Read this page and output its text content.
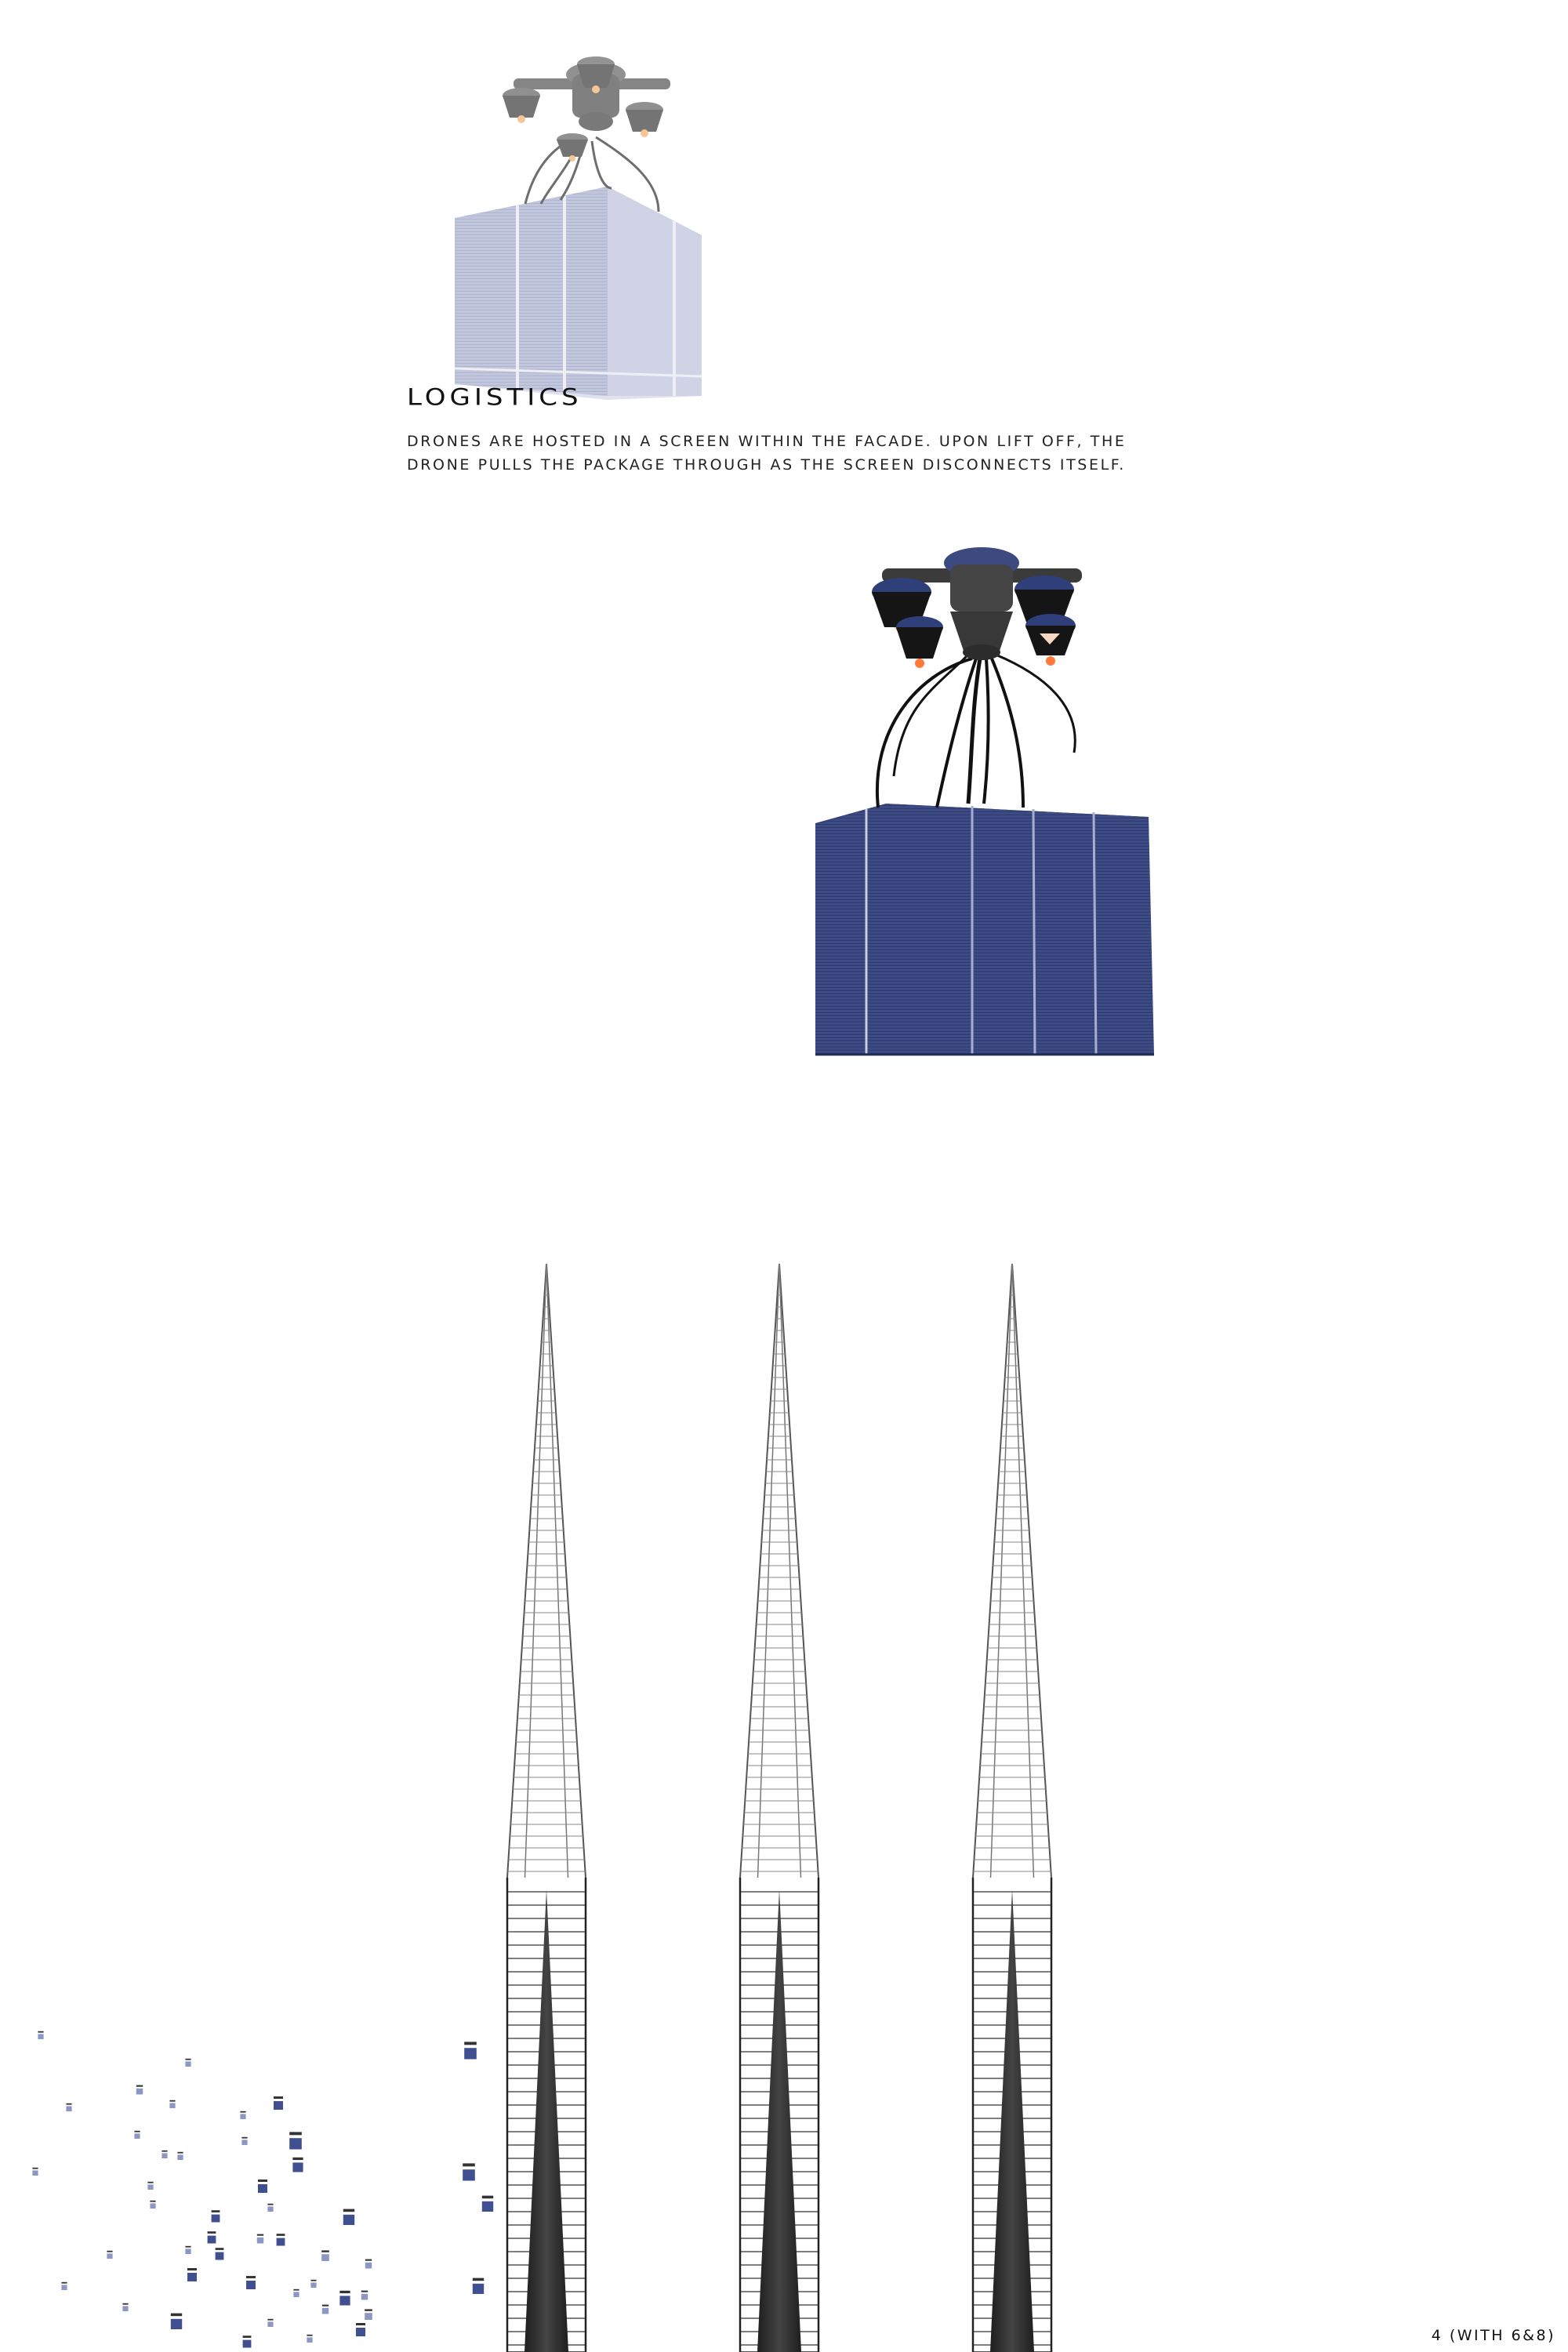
LOGISTICS

DRONES ARE HOSTED IN A SCREEN WITHIN THE FACADE. UPON LIFT OFF, THE DRONE PULLS THE PACKAGE THROUGH AS THE SCREEN DISCONNECTS ITSELF.

4 (WITH 6&8)
